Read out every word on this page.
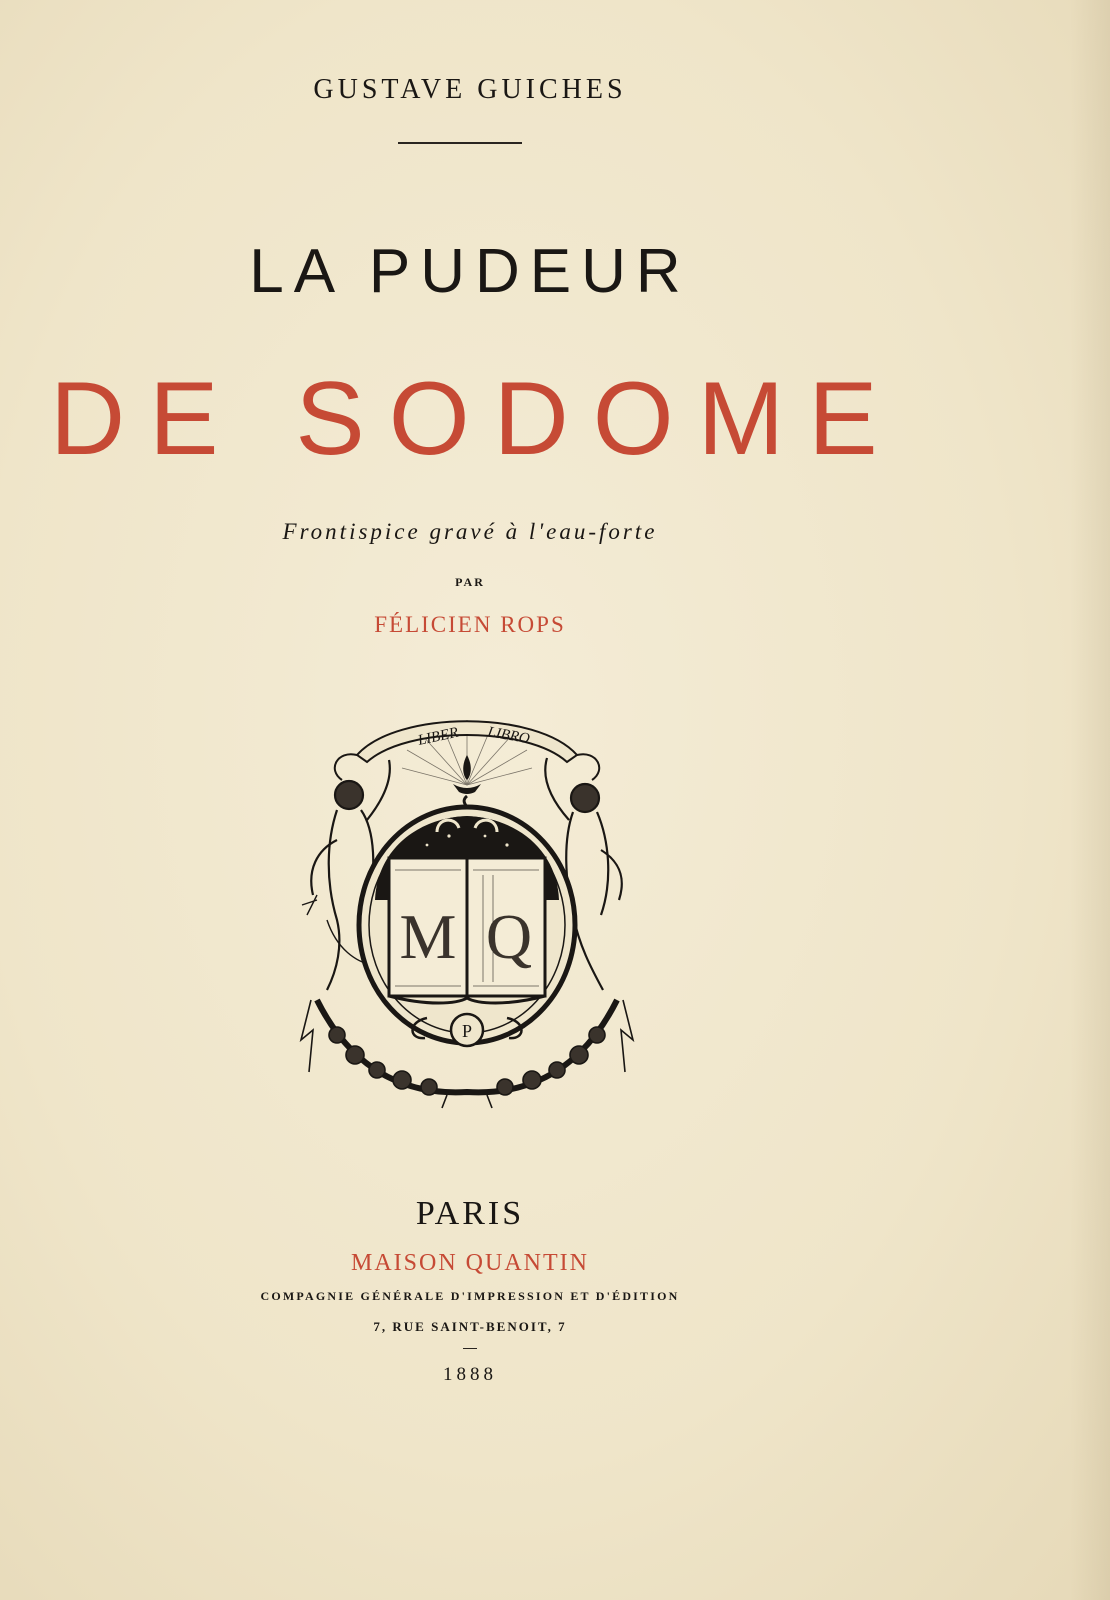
GUSTAVE GUICHES
LA PUDEUR
DE SODOME
Frontispice gravé à l'eau-forte
PAR
FÉLICIEN ROPS
LIBER LIBRO
M Q
P
PARIS
MAISON QUANTIN
COMPAGNIE GÉNÉRALE D'IMPRESSION ET D'ÉDITION
7, RUE SAINT-BENOIT, 7
1888
